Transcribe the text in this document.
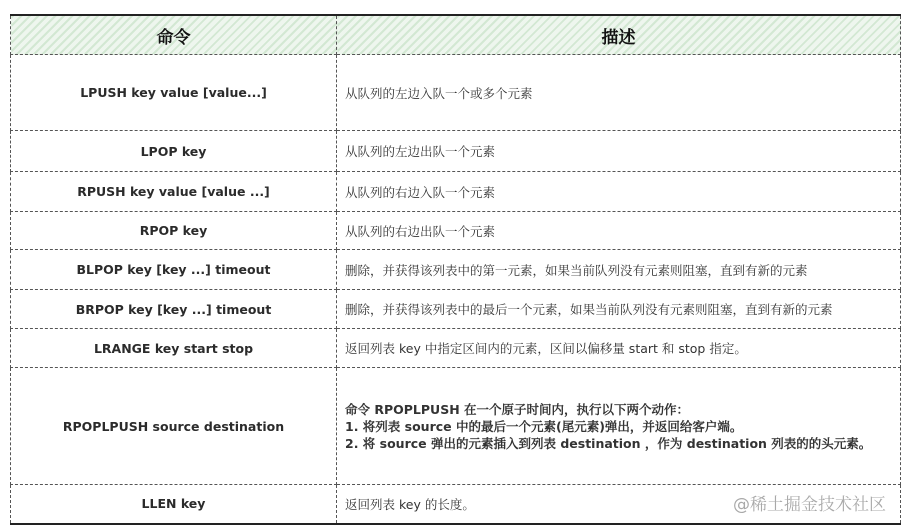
命令	描述
LPUSH key value [value...]	从队列的左边入队一个或多个元素
LPOP key	从队列的左边出队一个元素
RPUSH key value [value ...]	从队列的右边入队一个元素
RPOP key	从队列的右边出队一个元素
BLPOP key [key ...] timeout	删除，并获得该列表中的第一元素，如果当前队列没有元素则阻塞，直到有新的元素
BRPOP key [key ...] timeout	删除，并获得该列表中的最后一个元素，如果当前队列没有元素则阻塞，直到有新的元素
LRANGE key start stop	返回列表 key 中指定区间内的元素，区间以偏移量 start 和 stop 指定。
RPOPLPUSH source destination	命令 RPOPLPUSH 在一个原子时间内，执行以下两个动作：
1. 将列表 source 中的最后一个元素(尾元素)弹出，并返回给客户端。
2. 将 source 弹出的元素插入到列表 destination ，作为 destination 列表的的头元素。

LLEN key	返回列表 key 的长度。	@稀土掘金技术社区
